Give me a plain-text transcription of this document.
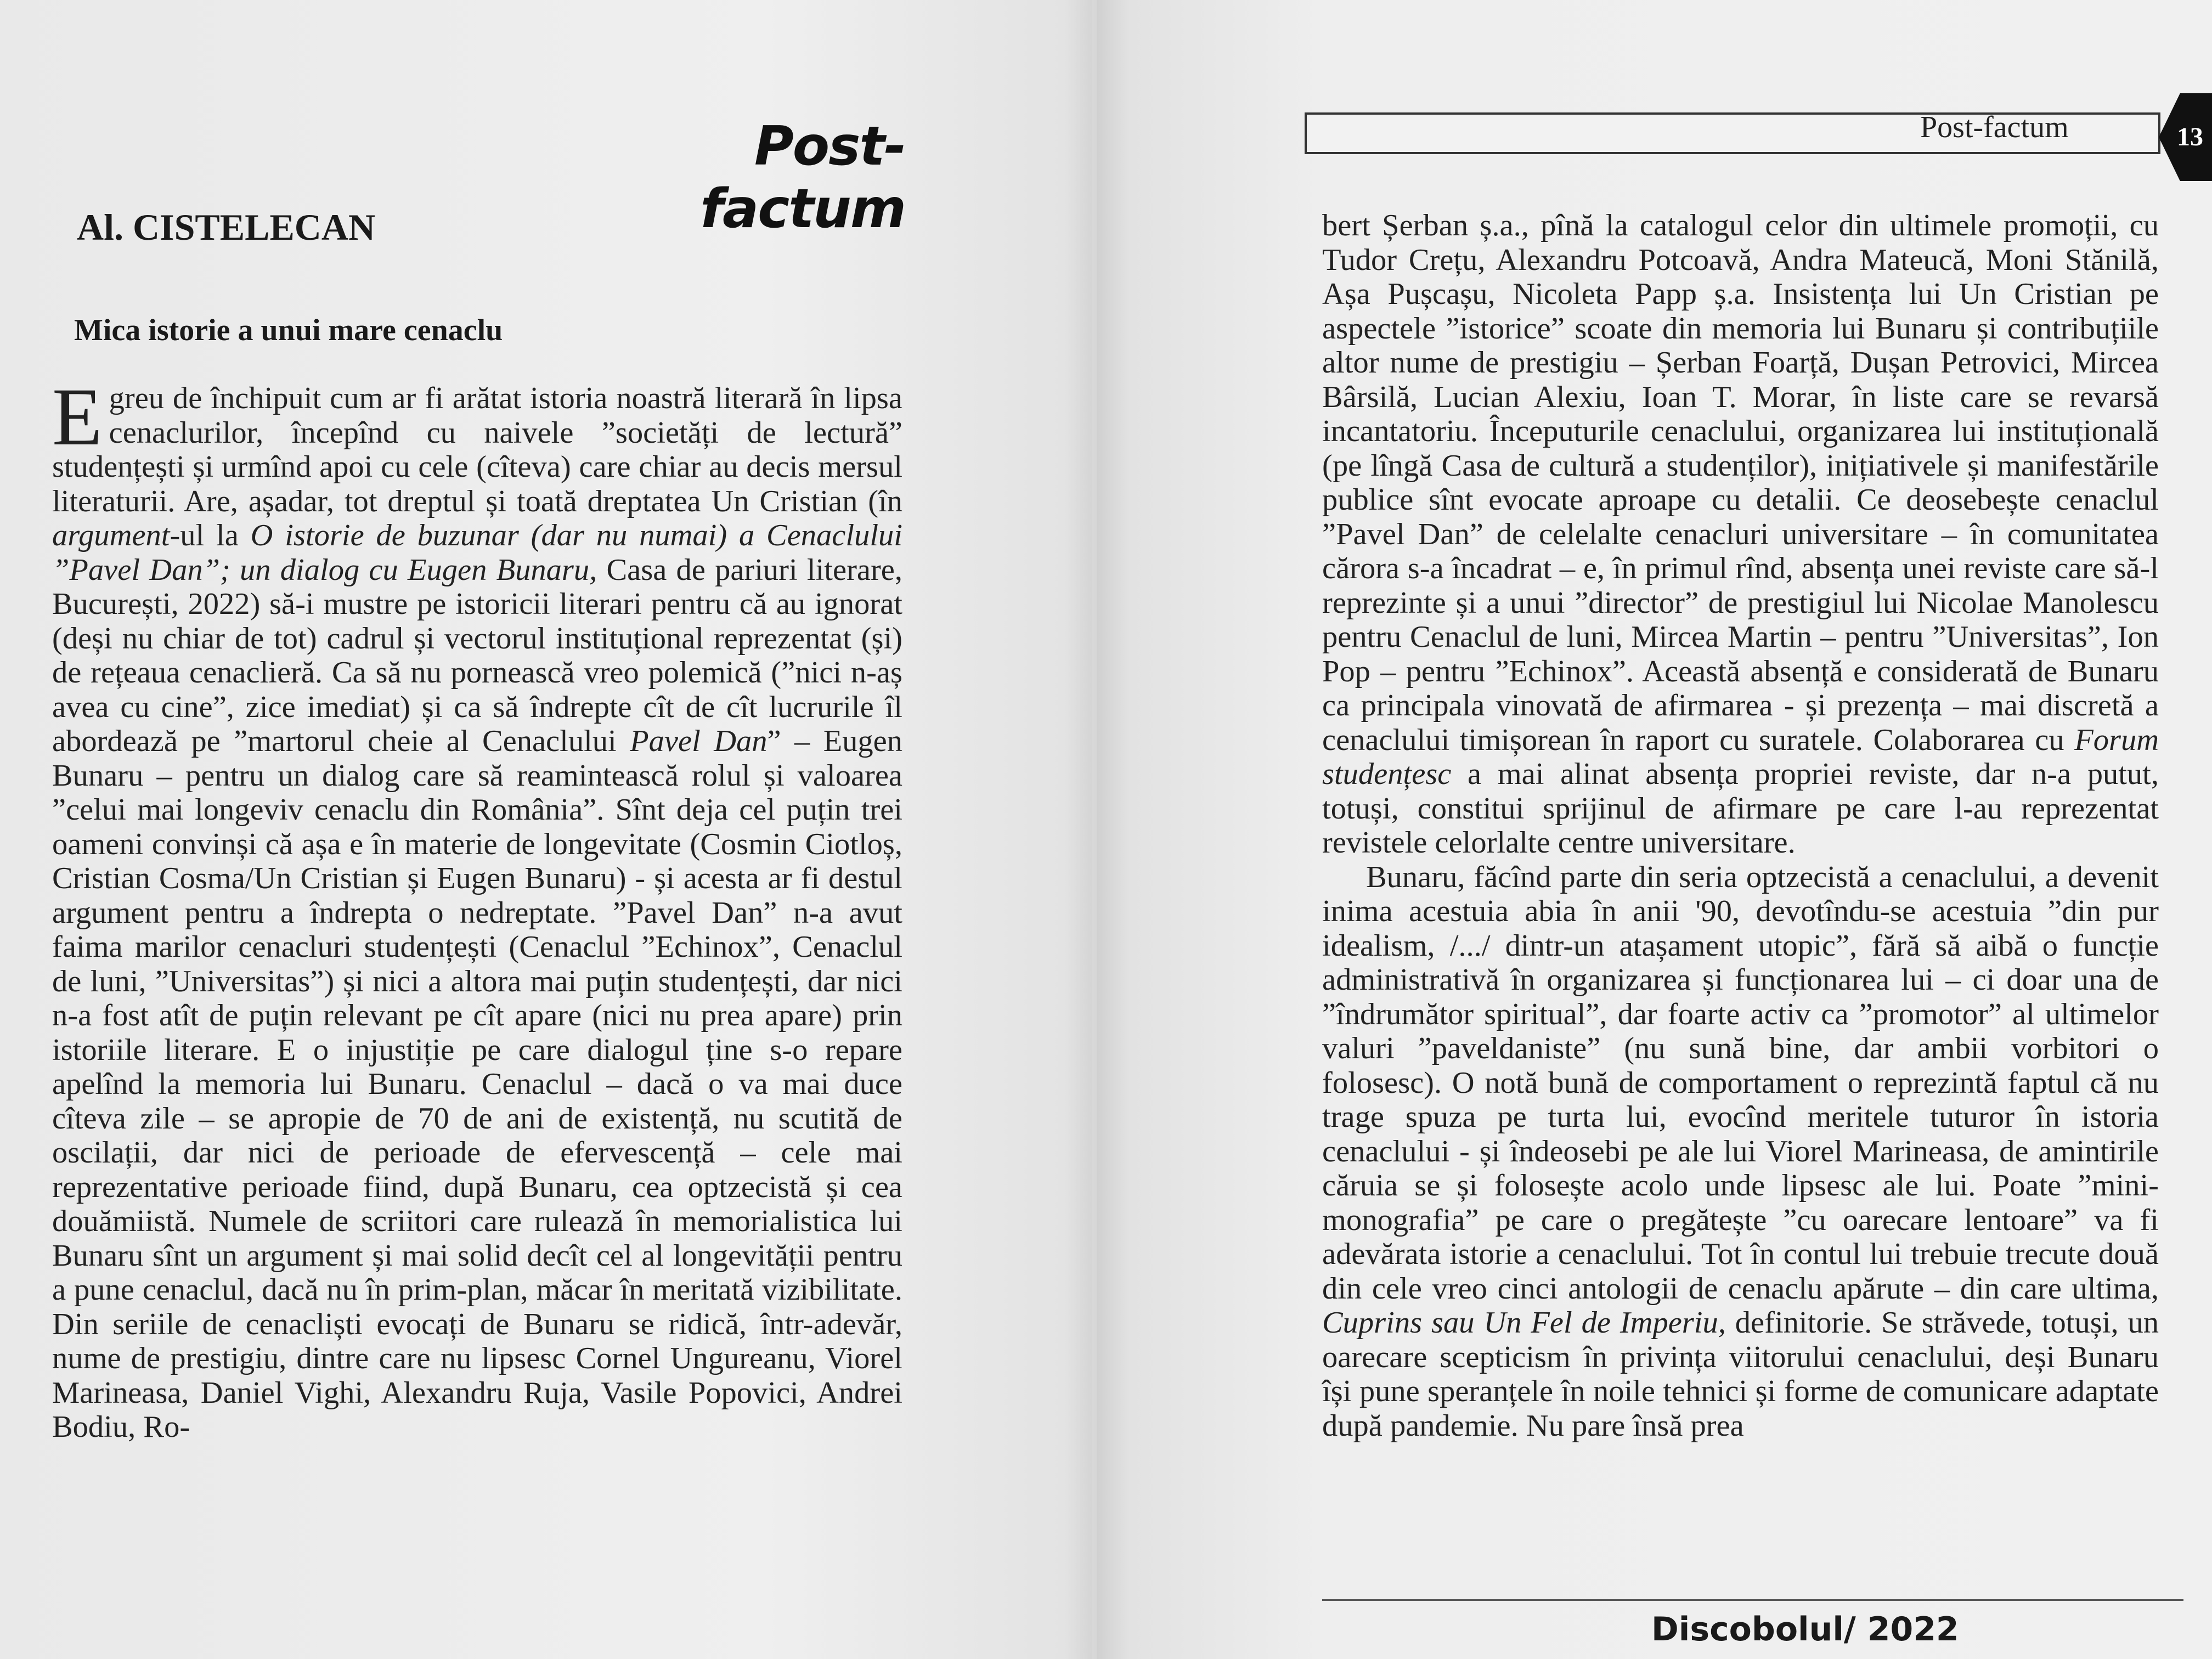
Post-factum
Al. CISTELECAN
Mica istorie a unui mare cenaclu

Egreu de închipuit cum ar fi arătat istoria noastră literară în lipsa cenaclurilor, începînd cu naivele ”societăți de lectură” studențești și urmînd apoi cu cele (cîteva) care chiar au decis mersul literaturii. Are, așadar, tot dreptul și toată dreptatea Un Cristian (în argument-ul la O istorie de buzunar (dar nu numai) a Cenaclului ”Pavel Dan”; un dialog cu Eugen Bunaru, Casa de pariuri literare, București, 2022) să-i mustre pe istoricii literari pentru că au ignorat (deși nu chiar de tot) cadrul și vectorul instituțional reprezentat (și) de rețeaua cenaclieră. Ca să nu pornească vreo polemică (”nici n-aș avea cu cine”, zice imediat) și ca să îndrepte cît de cît lucrurile îl abordează pe ”martorul cheie al Cenaclului Pavel Dan” – Eugen Bunaru – pentru un dialog care să reamintească rolul și valoarea ”celui mai longeviv cenaclu din România”. Sînt deja cel puțin trei oameni convinși că așa e în materie de longevitate (Cosmin Ciotloș, Cristian Cosma/Un Cristian și Eugen Bunaru) - și acesta ar fi destul argument pentru a îndrepta o nedreptate. ”Pavel Dan” n-a avut faima marilor cenacluri studențești (Cenaclul ”Echinox”, Cenaclul de luni, ”Universitas”) și nici a altora mai puțin studențești, dar nici n-a fost atît de puțin relevant pe cît apare (nici nu prea apare) prin istoriile literare. E o injustiție pe care dialogul ține s-o repare apelînd la memoria lui Bunaru. Cenaclul – dacă o va mai duce cîteva zile – se apropie de 70 de ani de existență, nu scutită de oscilații, dar nici de perioade de efervescență – cele mai reprezentative perioade fiind, după Bunaru, cea optzecistă și cea douămiistă. Numele de scriitori care rulează în memorialistica lui Bunaru sînt un argument și mai solid decît cel al longevității pentru a pune cenaclul, dacă nu în prim-plan, măcar în meritată vizibilitate. Din seriile de cenacliști evocați de Bunaru se ridică, într-adevăr, nume de prestigiu, dintre care nu lipsesc Cornel Ungureanu, Viorel Marineasa, Daniel Vighi, Alexandru Ruja, Vasile Popovici, Andrei Bodiu, Ro-

Post-factum	13

bert Șerban ș.a., pînă la catalogul celor din ultimele promoții, cu Tudor Crețu, Alexandru Potcoavă, Andra Mateucă, Moni Stănilă, Așa Pușcașu, Nicoleta Papp ș.a. Insistența lui Un Cristian pe aspectele ”istorice” scoate din memoria lui Bunaru și contribuțiile altor nume de prestigiu – Șerban Foarță, Dușan Petrovici, Mircea Bârsilă, Lucian Alexiu, Ioan T. Morar, în liste care se revarsă incantatoriu. Începuturile cenaclului, organizarea lui instituțională (pe lîngă Casa de cultură a studenților), inițiativele și manifestările publice sînt evocate aproape cu detalii. Ce deosebește cenaclul ”Pavel Dan” de celelalte cenacluri universitare – în comunitatea cărora s-a încadrat – e, în primul rînd, absența unei reviste care să-l reprezinte și a unui ”director” de prestigiul lui Nicolae Manolescu pentru Cenaclul de luni, Mircea Martin – pentru ”Universitas”, Ion Pop – pentru ”Echinox”. Această absență e considerată de Bunaru ca principala vinovată de afirmarea - și prezența – mai discretă a cenaclului timișorean în raport cu suratele. Colaborarea cu Forum studențesc a mai alinat absența propriei reviste, dar n-a putut, totuși, constitui sprijinul de afirmare pe care l-au reprezentat revistele celorlalte centre universitare.

Bunaru, făcînd parte din seria optzecistă a cenaclului, a devenit inima acestuia abia în anii '90, devotîndu-se acestuia ”din pur idealism, /.../ dintr-un atașament utopic”, fără să aibă o funcție administrativă în organizarea și funcționarea lui – ci doar una de ”îndrumător spiritual”, dar foarte activ ca ”promotor” al ultimelor valuri ”paveldaniste” (nu sună bine, dar ambii vorbitori o folosesc). O notă bună de comportament o reprezintă faptul că nu trage spuza pe turta lui, evocînd meritele tuturor în istoria cenaclului - și îndeosebi pe ale lui Viorel Marineasa, de amintirile căruia se și folosește acolo unde lipsesc ale lui. Poate ”mini-monografia” pe care o pregătește ”cu oarecare lentoare” va fi adevărata istorie a cenaclului. Tot în contul lui trebuie trecute două din cele vreo cinci antologii de cenaclu apărute – din care ultima, Cuprins sau Un Fel de Imperiu, definitorie. Se străvede, totuși, un oarecare scepticism în privința viitorului cenaclului, deși Bunaru își pune speranțele în noile tehnici și forme de comunicare adaptate după pandemie. Nu pare însă prea

Discobolul/ 2022
